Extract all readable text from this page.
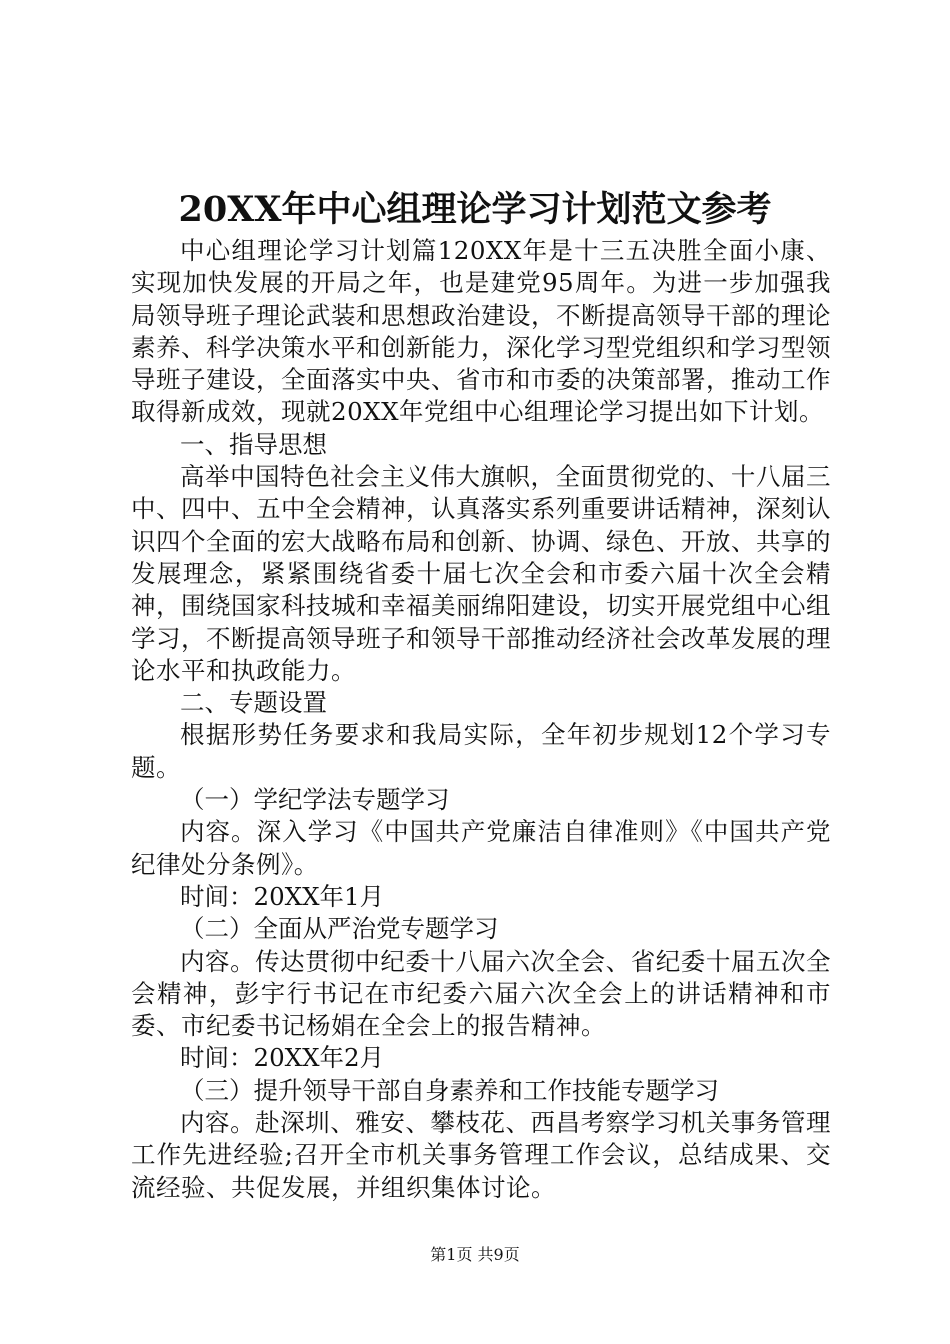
20XX年中心组理论学习计划范文参考

中心组理论学习计划篇120XX年是十三五决胜全面小康、实现加快发展的开局之年，也是建党95周年。为进一步加强我局领导班子理论武装和思想政治建设，不断提高领导干部的理论素养、科学决策水平和创新能力，深化学习型党组织和学习型领导班子建设，全面落实中央、省市和市委的决策部署，推动工作取得新成效，现就20XX年党组中心组理论学习提出如下计划。

一、指导思想

高举中国特色社会主义伟大旗帜，全面贯彻党的、十八届三中、四中、五中全会精神，认真落实系列重要讲话精神，深刻认识四个全面的宏大战略布局和创新、协调、绿色、开放、共享的发展理念，紧紧围绕省委十届七次全会和市委六届十次全会精神，围绕国家科技城和幸福美丽绵阳建设，切实开展党组中心组学习，不断提高领导班子和领导干部推动经济社会改革发展的理论水平和执政能力。

二、专题设置

根据形势任务要求和我局实际，全年初步规划12个学习专题。

（一）学纪学法专题学习

内容。深入学习《中国共产党廉洁自律准则》《中国共产党纪律处分条例》。

时间：20XX年1月

（二）全面从严治党专题学习

内容。传达贯彻中纪委十八届六次全会、省纪委十届五次全会精神，彭宇行书记在市纪委六届六次全会上的讲话精神和市委、市纪委书记杨娟在全会上的报告精神。

时间：20XX年2月

（三）提升领导干部自身素养和工作技能专题学习

内容。赴深圳、雅安、攀枝花、西昌考察学习机关事务管理工作先进经验;召开全市机关事务管理工作会议，总结成果、交流经验、共促发展，并组织集体讨论。

第1页 共9页
